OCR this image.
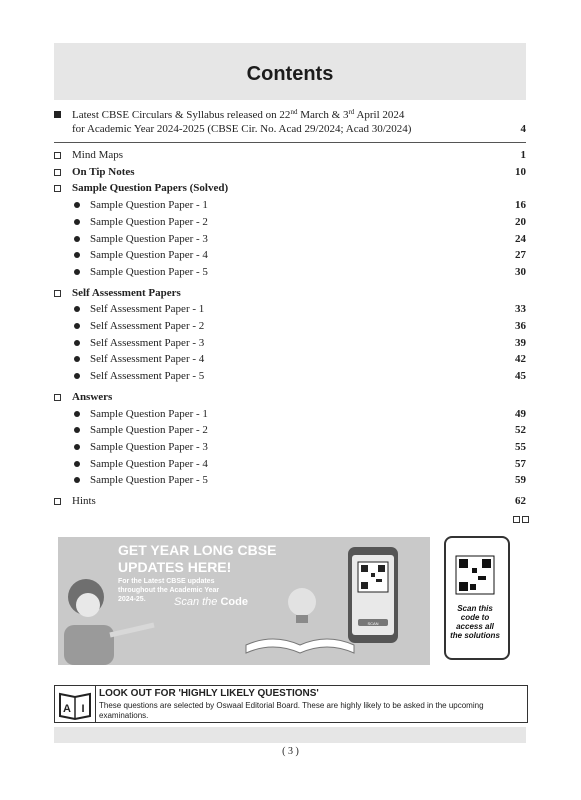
Contents
Latest CBSE Circulars & Syllabus released on 22nd March & 3rd April 2024
for Academic Year 2024-2025 (CBSE Cir. No. Acad 29/2024; Acad 30/2024)	4
Mind Maps	1
On Tip Notes	10
Sample Question Papers (Solved)
Sample Question Paper - 1	16
Sample Question Paper - 2	20
Sample Question Paper - 3	24
Sample Question Paper - 4	27
Sample Question Paper - 5	30
Self Assessment Papers
Self Assessment Paper - 1	33
Self Assessment Paper - 2	36
Self Assessment Paper - 3	39
Self Assessment Paper - 4	42
Self Assessment Paper - 5	45
Answers
Sample Question Paper - 1	49
Sample Question Paper - 2	52
Sample Question Paper - 3	55
Sample Question Paper - 4	57
Sample Question Paper - 5	59
Hints	62
SCAN
GET YEAR LONG CBSE UPDATES HERE!
For the Latest CBSE updates throughout the Academic Year 2024-25.	Scan the Code
Scan this code to access all the solutions
A I
LOOK OUT FOR 'HIGHLY LIKELY QUESTIONS'
These questions are selected by Oswaal Editorial Board. These are highly likely to be asked in the upcoming examinations.
( 3 )
